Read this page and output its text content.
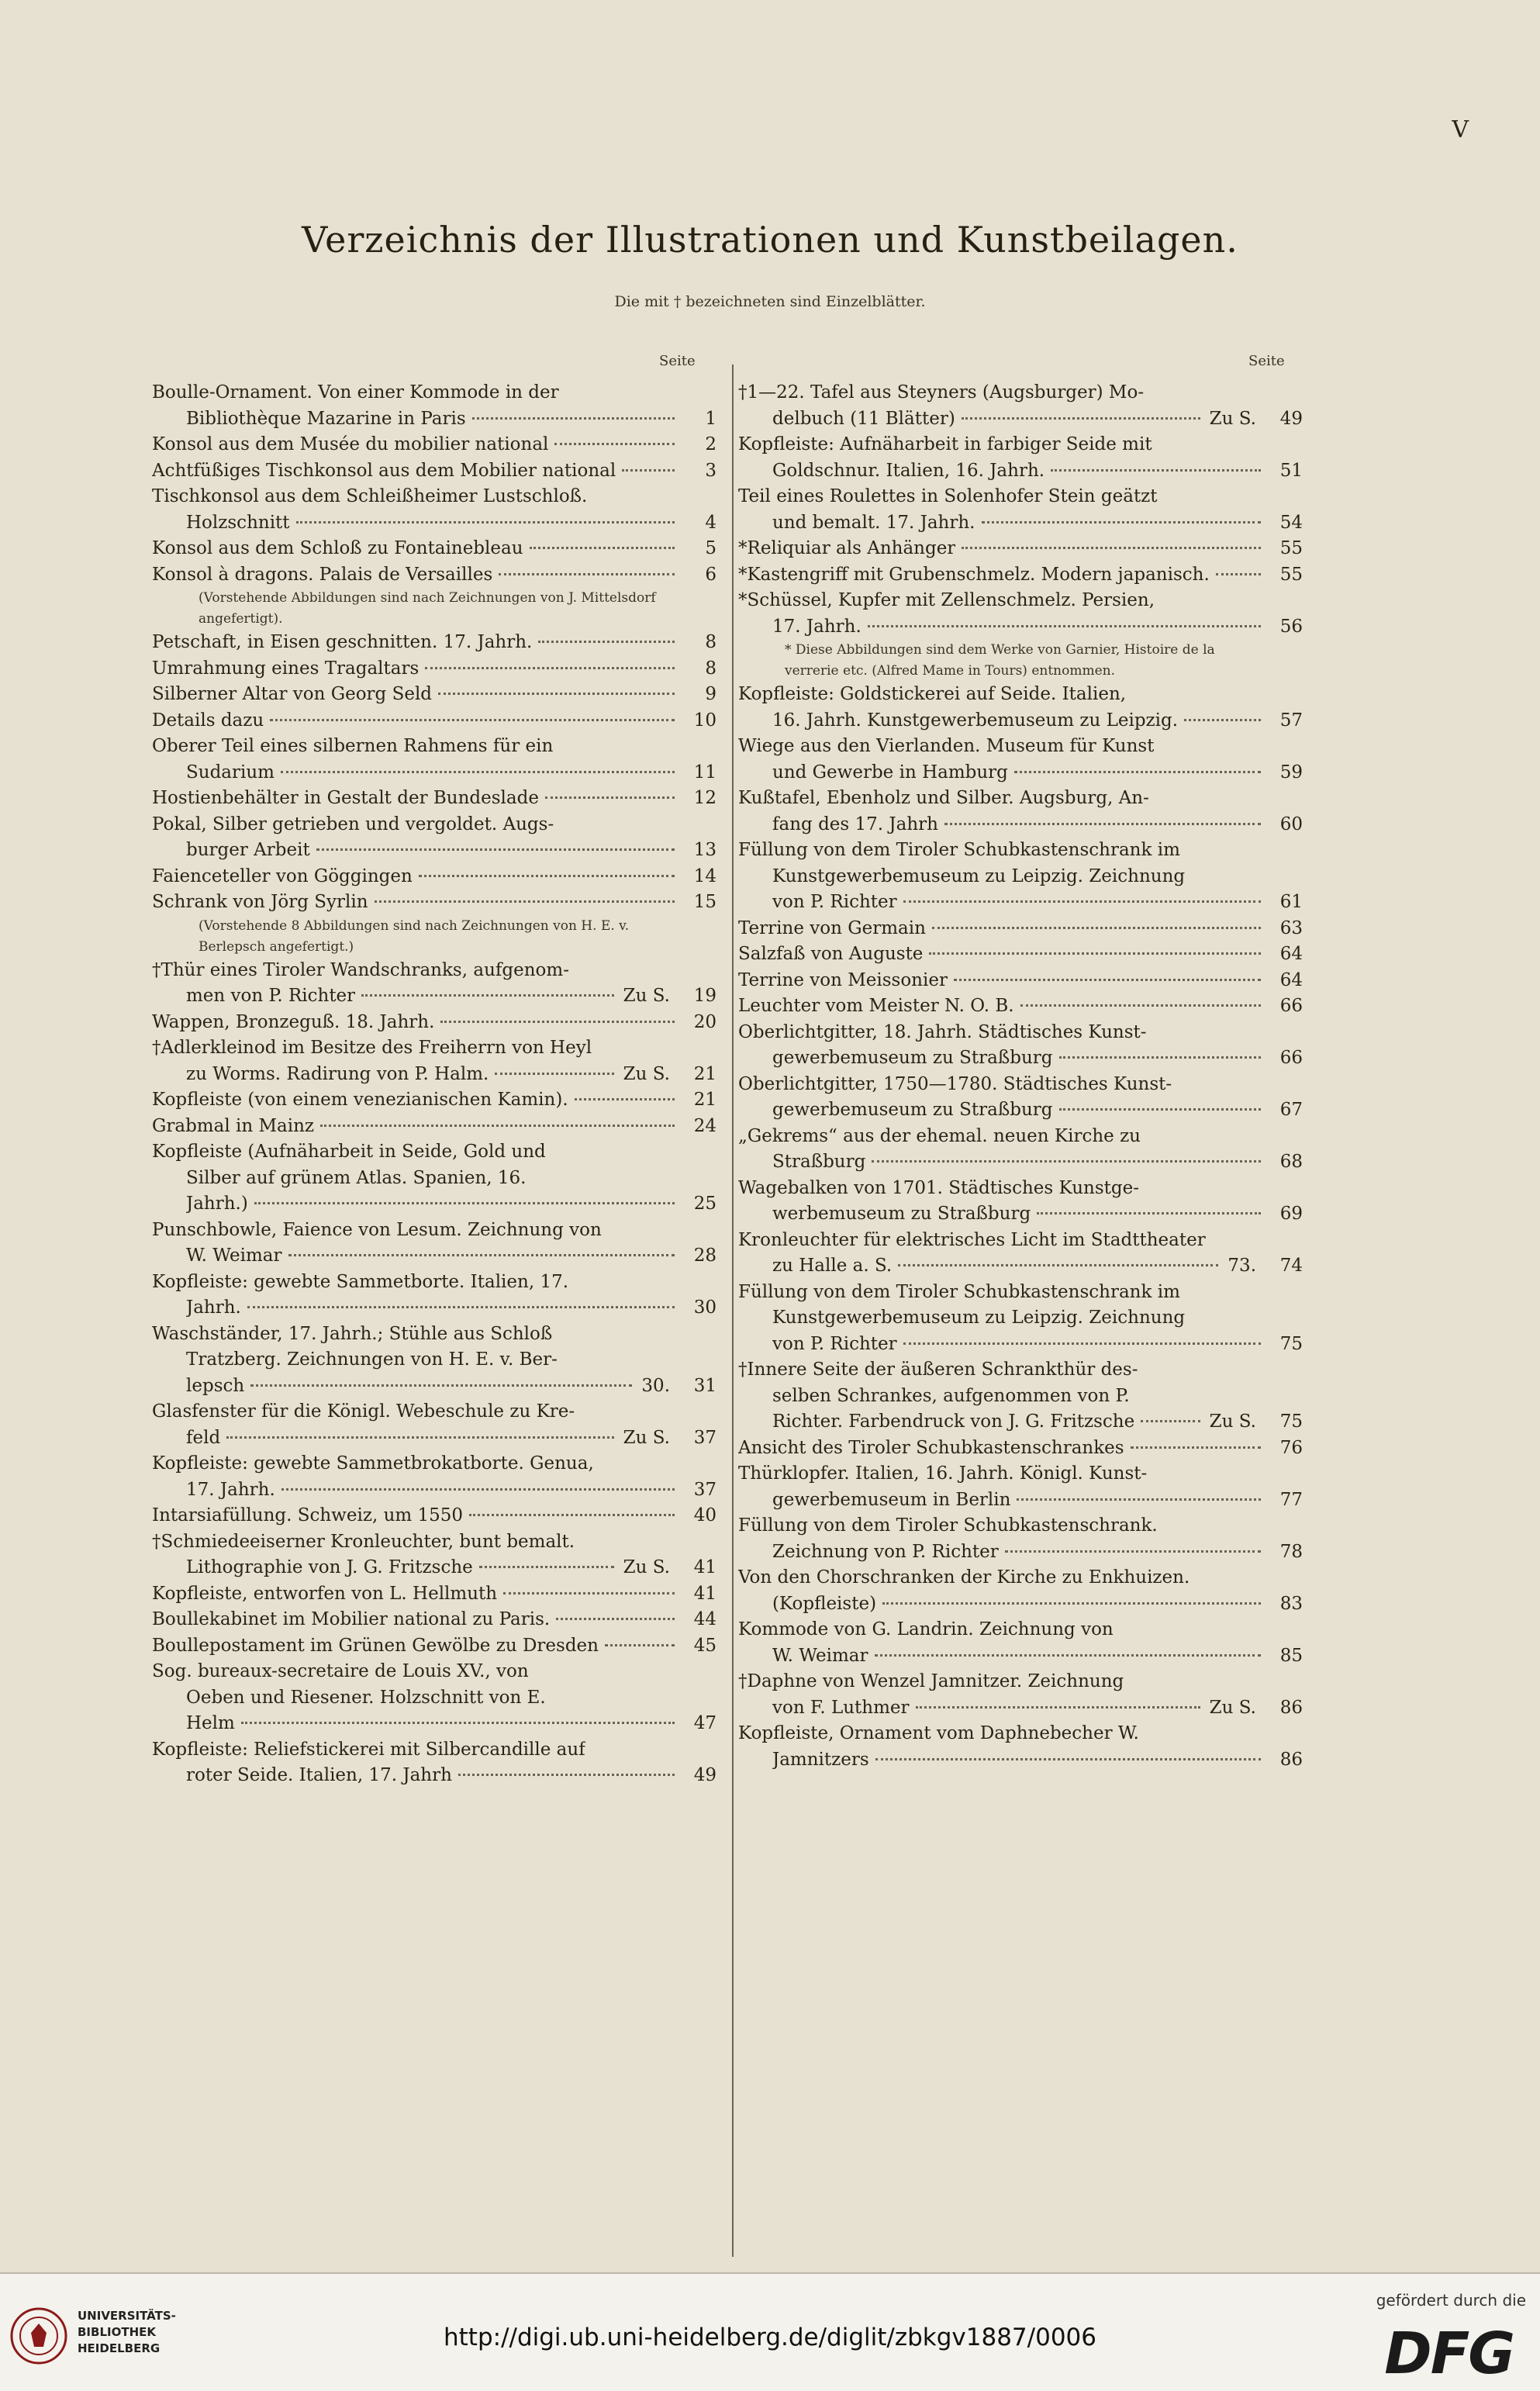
V
Verzeichnis der Illustrationen und Kunstbeilagen.
Die mit † bezeichneten sind Einzelblätter.
Seite	Seite
Boulle-Ornament. Von einer Kommode in der
Bibliothèque Mazarine in Paris	1
Konsol aus dem Musée du mobilier national	2
Achtfüßiges Tischkonsol aus dem Mobilier national	3
Tischkonsol aus dem Schleißheimer Lustschloß.
Holzschnitt	4
Konsol aus dem Schloß zu Fontainebleau	5
Konsol à dragons. Palais de Versailles	6
(Vorstehende Abbildungen sind nach Zeichnungen von J. Mittelsdorf angefertigt).
Petschaft, in Eisen geschnitten. 17. Jahrh.	8
Umrahmung eines Tragaltars	8
Silberner Altar von Georg Seld	9
Details dazu	10
Oberer Teil eines silbernen Rahmens für ein
Sudarium	11
Hostienbehälter in Gestalt der Bundeslade	12
Pokal, Silber getrieben und vergoldet. Augs-
burger Arbeit	13
Faienceteller von Göggingen	14
Schrank von Jörg Syrlin	15
(Vorstehende 8 Abbildungen sind nach Zeichnungen von H. E. v. Berlepsch angefertigt.)
†Thür eines Tiroler Wandschranks, aufgenom-
men von P. Richter	Zu S.	19
Wappen, Bronzeguß. 18. Jahrh.	20
†Adlerkleinod im Besitze des Freiherrn von Heyl
zu Worms. Radirung von P. Halm.	Zu S.	21
Kopfleiste (von einem venezianischen Kamin).	21
Grabmal in Mainz	24
Kopfleiste (Aufnäharbeit in Seide, Gold und
Silber auf grünem Atlas. Spanien, 16.
Jahrh.)	25
Punschbowle, Faience von Lesum. Zeichnung von
W. Weimar	28
Kopfleiste: gewebte Sammetborte. Italien, 17.
Jahrh.	30
Waschständer, 17. Jahrh.; Stühle aus Schloß
Tratzberg. Zeichnungen von H. E. v. Ber-
lepsch	30.	31
Glasfenster für die Königl. Webeschule zu Kre-
feld	Zu S.	37
Kopfleiste: gewebte Sammetbrokatborte. Genua,
17. Jahrh.	37
Intarsiafüllung. Schweiz, um 1550	40
†Schmiedeeiserner Kronleuchter, bunt bemalt.
Lithographie von J. G. Fritzsche	Zu S.	41
Kopfleiste, entworfen von L. Hellmuth	41
Boullekabinet im Mobilier national zu Paris.	44
Boullepostament im Grünen Gewölbe zu Dresden	45
Sog. bureaux-secretaire de Louis XV., von
Oeben und Riesener. Holzschnitt von E.
Helm	47
Kopfleiste: Reliefstickerei mit Silbercandille auf
roter Seide. Italien, 17. Jahrh	49
†1—22. Tafel aus Steyners (Augsburger) Mo-
delbuch (11 Blätter)	Zu S.	49
Kopfleiste: Aufnäharbeit in farbiger Seide mit
Goldschnur. Italien, 16. Jahrh.	51
Teil eines Roulettes in Solenhofer Stein geätzt
und bemalt. 17. Jahrh.	54
*Reliquiar als Anhänger	55
*Kastengriff mit Grubenschmelz. Modern japanisch.	55
*Schüssel, Kupfer mit Zellenschmelz. Persien,
17. Jahrh.	56
* Diese Abbildungen sind dem Werke von Garnier, Histoire de la verrerie etc. (Alfred Mame in Tours) entnommen.
Kopfleiste: Goldstickerei auf Seide. Italien,
16. Jahrh. Kunstgewerbemuseum zu Leipzig.	57
Wiege aus den Vierlanden. Museum für Kunst
und Gewerbe in Hamburg	59
Kußtafel, Ebenholz und Silber. Augsburg, An-
fang des 17. Jahrh	60
Füllung von dem Tiroler Schubkastenschrank im
Kunstgewerbemuseum zu Leipzig. Zeichnung
von P. Richter	61
Terrine von Germain	63
Salzfaß von Auguste	64
Terrine von Meissonier	64
Leuchter vom Meister N. O. B.	66
Oberlichtgitter, 18. Jahrh. Städtisches Kunst-
gewerbemuseum zu Straßburg	66
Oberlichtgitter, 1750—1780. Städtisches Kunst-
gewerbemuseum zu Straßburg	67
„Gekrems“ aus der ehemal. neuen Kirche zu
Straßburg	68
Wagebalken von 1701. Städtisches Kunstge-
werbemuseum zu Straßburg	69
Kronleuchter für elektrisches Licht im Stadttheater
zu Halle a. S.	73.	74
Füllung von dem Tiroler Schubkastenschrank im
Kunstgewerbemuseum zu Leipzig. Zeichnung
von P. Richter	75
†Innere Seite der äußeren Schrankthür des-
selben Schrankes, aufgenommen von P.
Richter. Farbendruck von J. G. Fritzsche	Zu S.	75
Ansicht des Tiroler Schubkastenschrankes	76
Thürklopfer. Italien, 16. Jahrh. Königl. Kunst-
gewerbemuseum in Berlin	77
Füllung von dem Tiroler Schubkastenschrank.
Zeichnung von P. Richter	78
Von den Chorschranken der Kirche zu Enkhuizen.
(Kopfleiste)	83
Kommode von G. Landrin. Zeichnung von
W. Weimar	85
†Daphne von Wenzel Jamnitzer. Zeichnung
von F. Luthmer	Zu S.	86
Kopfleiste, Ornament vom Daphnebecher W.
Jamnitzers	86
UNIVERSITÄTS-
BIBLIOTHEK
HEIDELBERG	http://digi.ub.uni-heidelberg.de/diglit/zbkgv1887/0006
gefördert durch die
DFG
